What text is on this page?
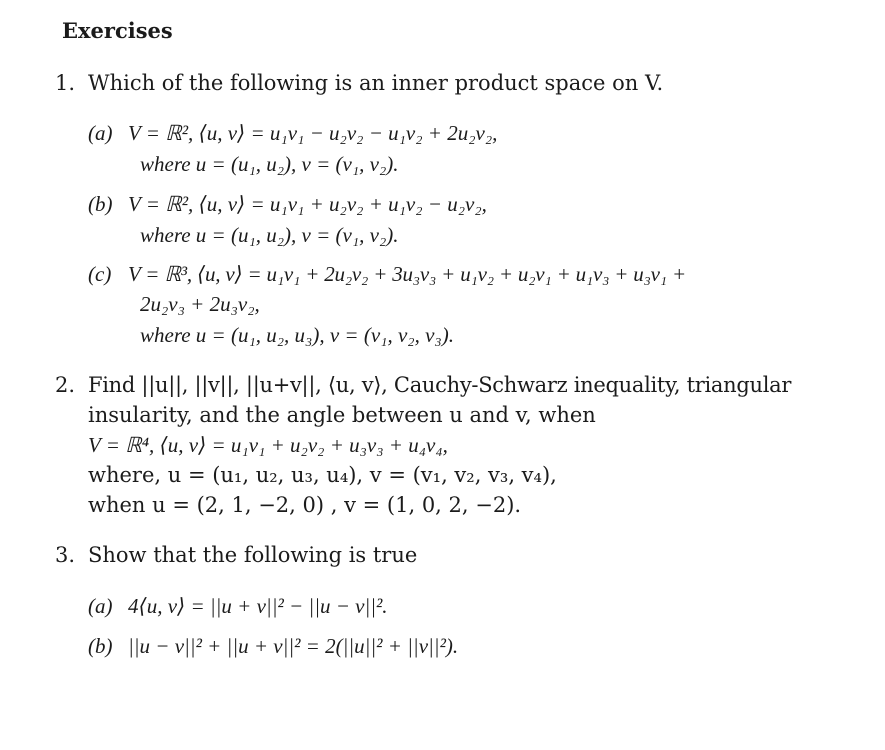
Exercises
1. Which of the following is an inner product space on V.
(a) V = ℝ², ⟨u, v⟩ = u₁v₁ − u₂v₂ − u₁v₂ + 2u₂v₂,
where u = (u₁, u₂), v = (v₁, v₂).
(b) V = ℝ², ⟨u, v⟩ = u₁v₁ + u₂v₂ + u₁v₂ − u₂v₂,
where u = (u₁, u₂), v = (v₁, v₂).
(c) V = ℝ³, ⟨u, v⟩ = u₁v₁ + 2u₂v₂ + 3u₃v₃ + u₁v₂ + u₂v₁ + u₁v₃ + u₃v₁ +
2u₂v₃ + 2u₃v₂,
where u = (u₁, u₂, u₃), v = (v₁, v₂, v₃).
2. Find ||u||, ||v||, ||u+v||, ⟨u, v⟩, Cauchy-Schwarz inequality, triangular
insularity, and the angle between u and v, when
V = ℝ⁴, ⟨u, v⟩ = u₁v₁ + u₂v₂ + u₃v₃ + u₄v₄,
where, u = (u₁, u₂, u₃, u₄), v = (v₁, v₂, v₃, v₄),
when u = (2, 1, −2, 0) , v = (1, 0, 2, −2).
3. Show that the following is true
(a) 4⟨u, v⟩ = ||u + v||² − ||u − v||².
(b) ||u − v||² + ||u + v||² = 2(||u||² + ||v||²).
